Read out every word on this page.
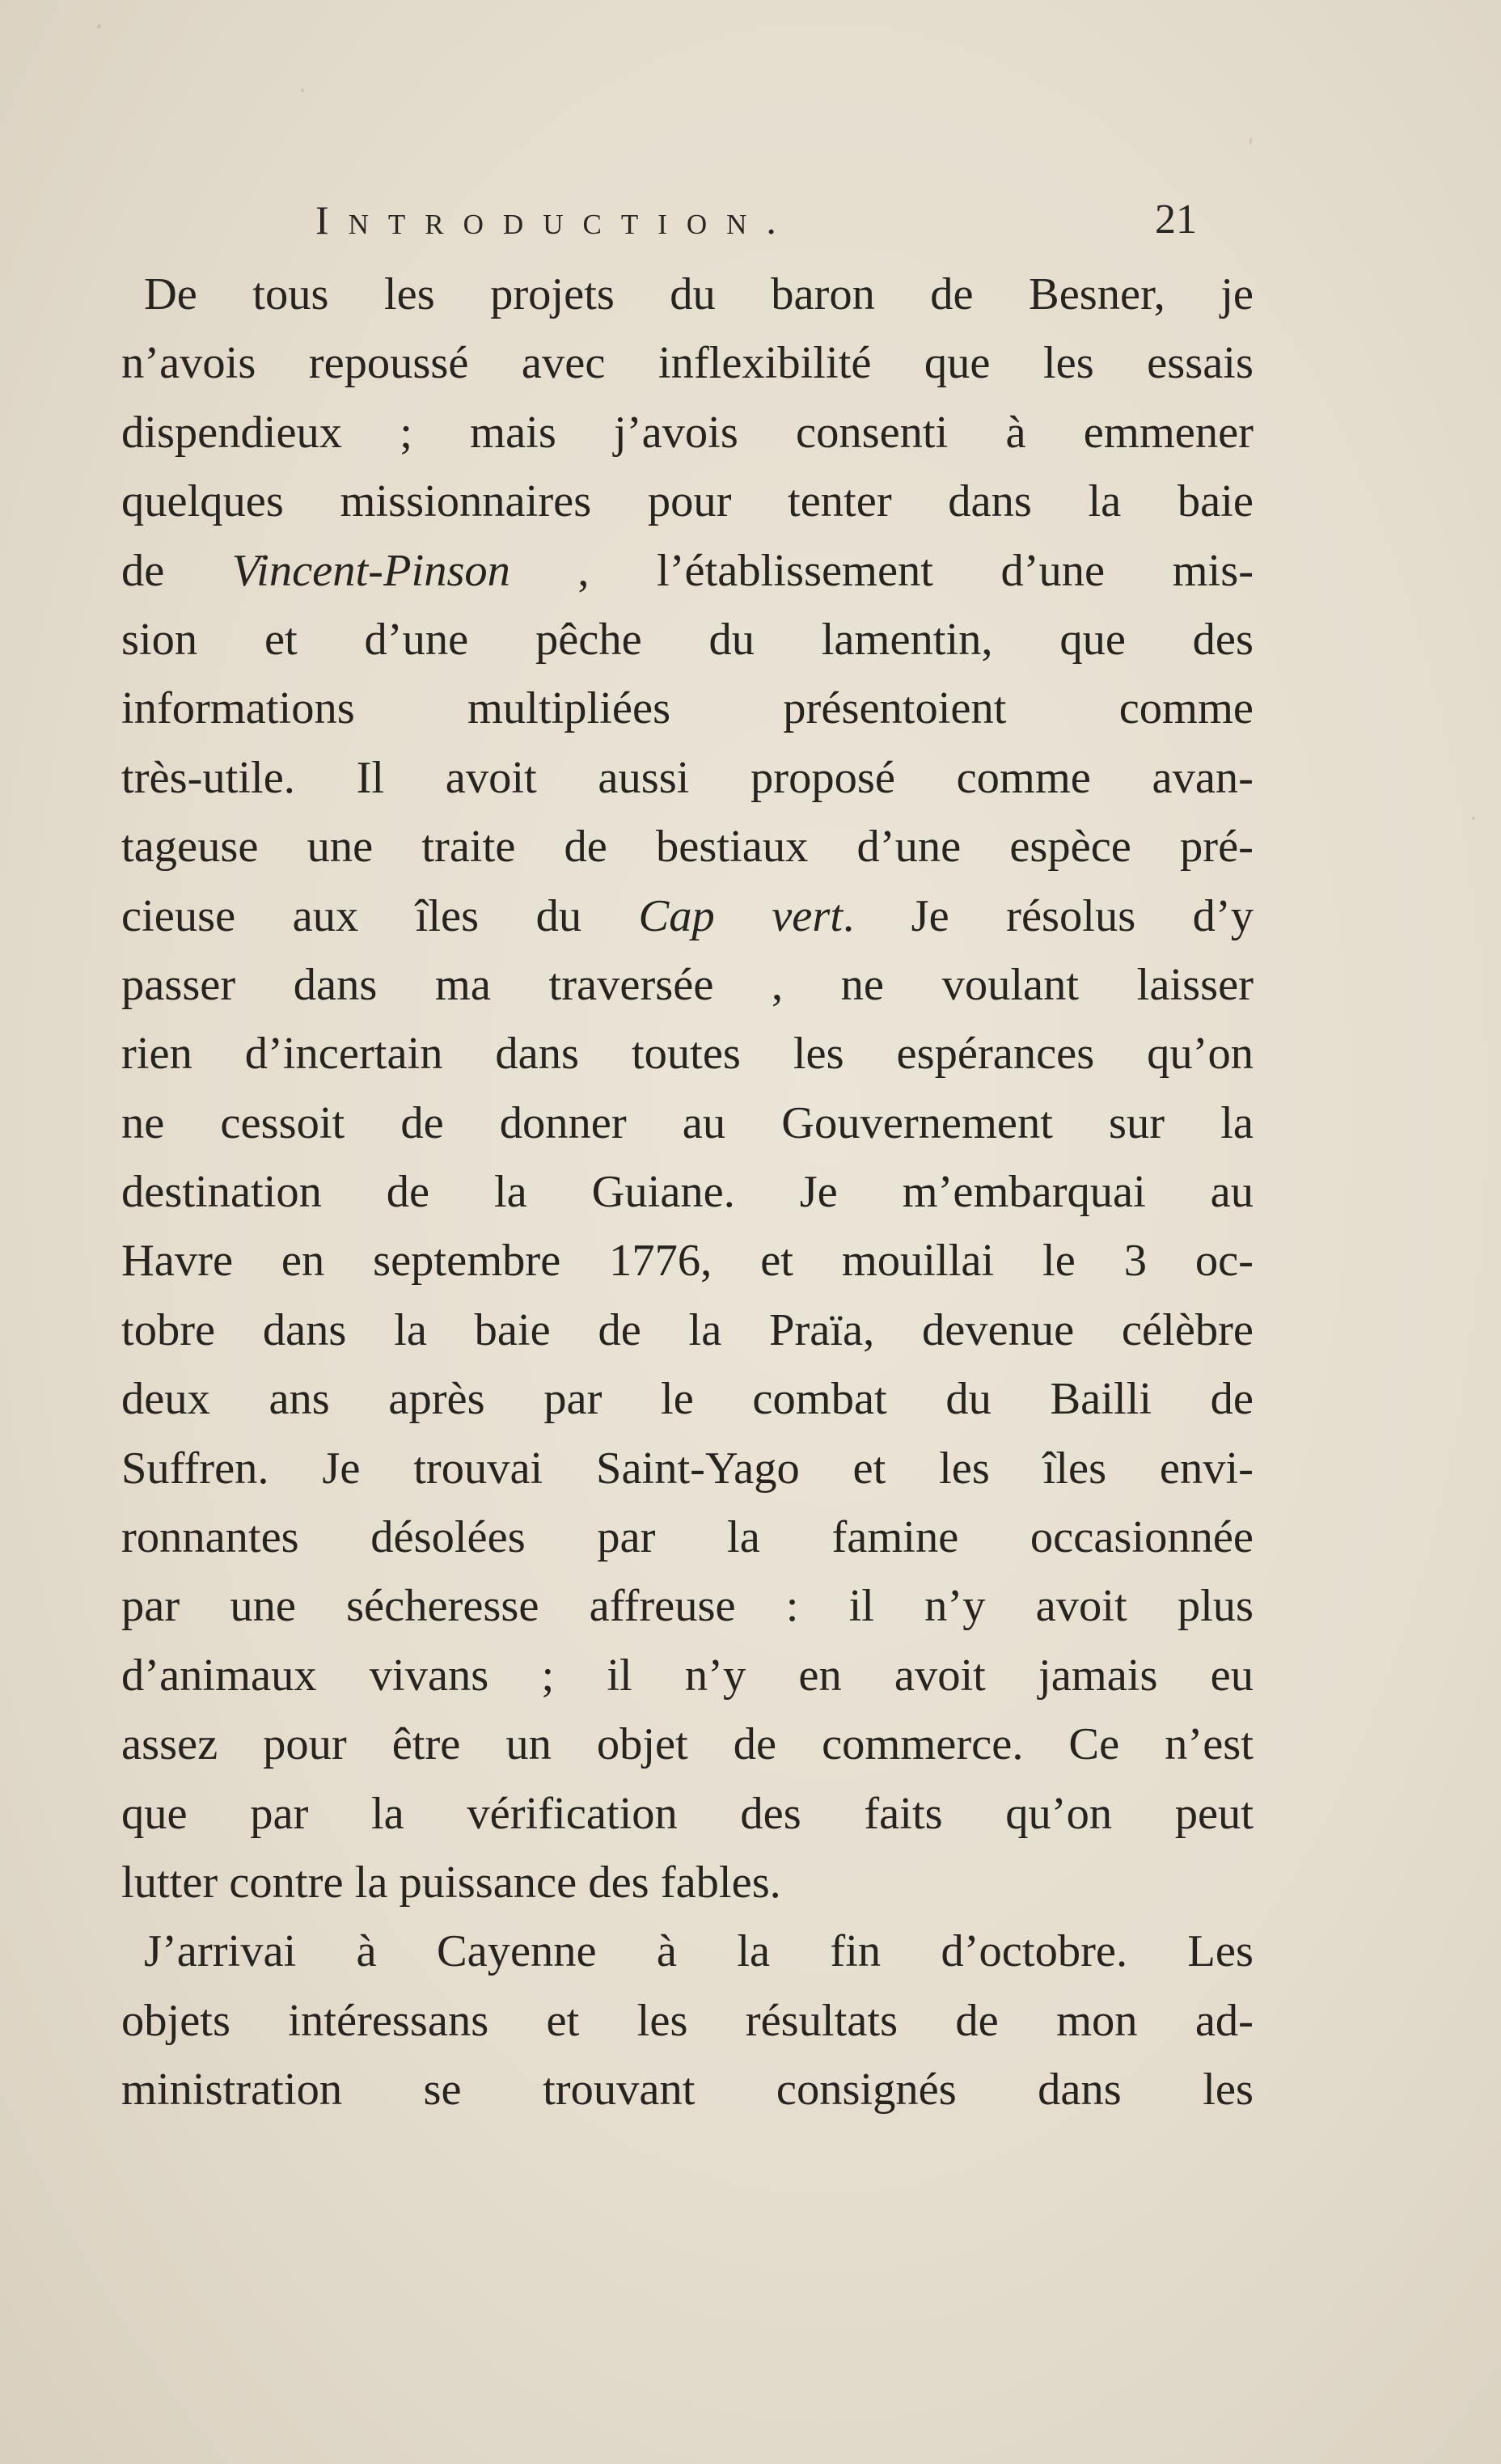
Introduction.	21
De tous les projets du baron de Besner, je
n’avois repoussé avec inflexibilité que les essais
dispendieux ; mais j’avois consenti à emmener
quelques missionnaires pour tenter dans la baie
de Vincent-Pinson , l’établissement d’une mis-
sion et d’une pêche du lamentin, que des
informations multipliées présentoient comme
très-utile. Il avoit aussi proposé comme avan-
tageuse une traite de bestiaux d’une espèce pré-
cieuse aux îles du Cap vert. Je résolus d’y
passer dans ma traversée , ne voulant laisser
rien d’incertain dans toutes les espérances qu’on
ne cessoit de donner au Gouvernement sur la
destination de la Guiane. Je m’embarquai au
Havre en septembre 1776, et mouillai le 3 oc-
tobre dans la baie de la Praïa, devenue célèbre
deux ans après par le combat du Bailli de
Suffren. Je trouvai Saint-Yago et les îles envi-
ronnantes désolées par la famine occasionnée
par une sécheresse affreuse : il n’y avoit plus
d’animaux vivans ; il n’y en avoit jamais eu
assez pour être un objet de commerce. Ce n’est
que par la vérification des faits qu’on peut
lutter contre la puissance des fables.
J’arrivai à Cayenne à la fin d’octobre. Les
objets intéressans et les résultats de mon ad-
ministration se trouvant consignés dans les
